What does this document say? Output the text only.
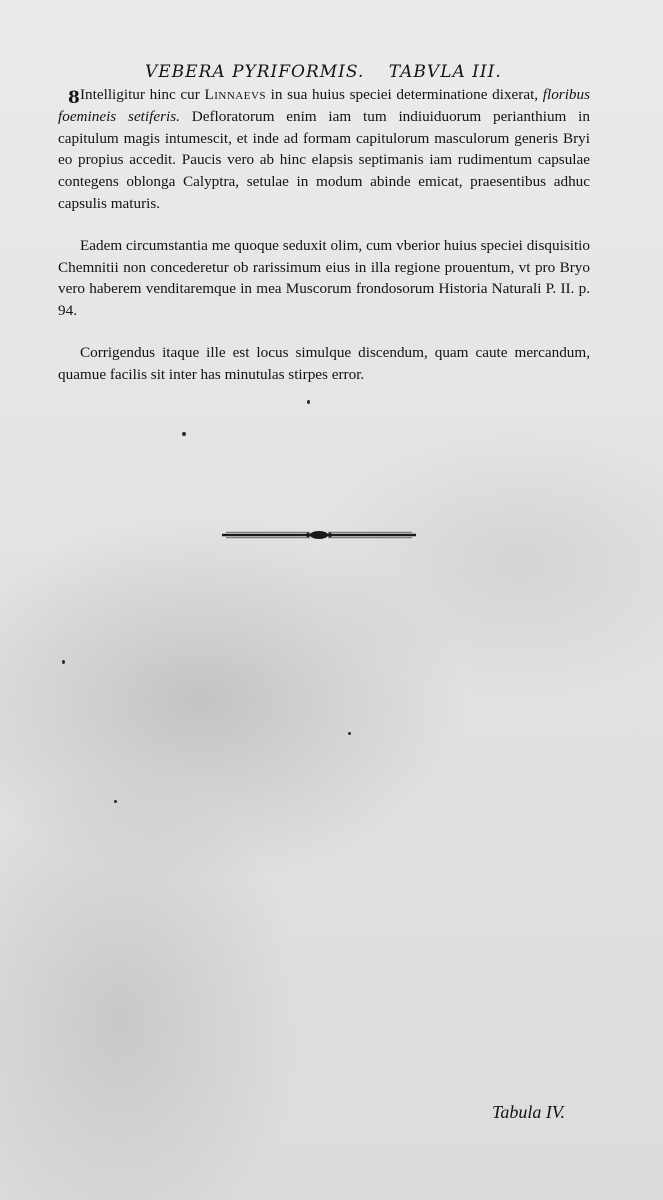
8
VEBERA PYRIFORMIS. TABVLA III.

Intelligitur hinc cur Linnaevs in sua huius speciei determinatione dixerat, floribus foemineis setiferis. Defloratorum enim iam tum indiuiduorum perianthium in capitulum magis intumescit, et inde ad formam capitulorum masculorum generis Bryi eo propius accedit. Paucis vero ab hinc elapsis septimanis iam rudimentum capsulae contegens oblonga Calyptra, setulae in modum abinde emicat, praesentibus adhuc capsulis maturis.

Eadem circumstantia me quoque seduxit olim, cum vberior huius speciei disquisitio Chemnitii non concederetur ob rarissimum eius in illa regione prouentum, vt pro Bryo vero haberem venditaremque in mea Muscorum frondosorum Historia Naturali P. II. p. 94.

Corrigendus itaque ille est locus simulque discendum, quam caute mercandum, quamue facilis sit inter has minutulas stirpes error.

Tabula IV.
